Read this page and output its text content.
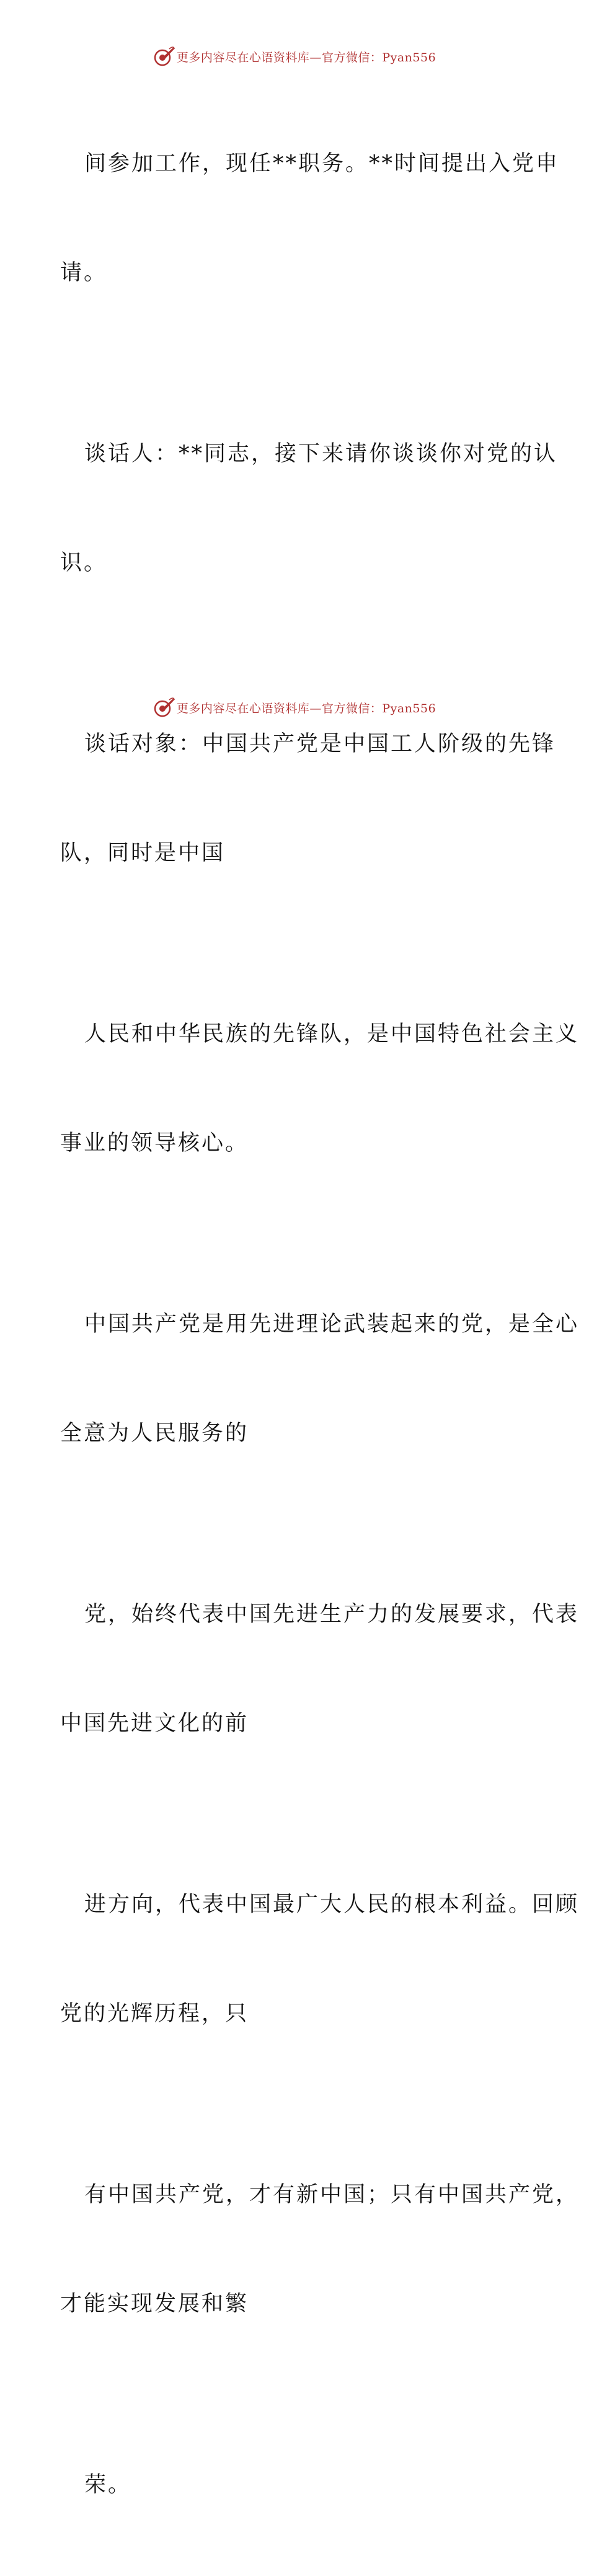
更多内容尽在心语资料库—官方微信：Pyan556

间参加工作，现任**职务。**时间提出入党申

请。

谈话人：**同志，接下来请你谈谈你对党的认

识。

谈话对象：中国共产党是中国工人阶级的先锋

队，同时是中国

人民和中华民族的先锋队，是中国特色社会主义

事业的领导核心。

中国共产党是用先进理论武装起来的党，是全心

全意为人民服务的

党，始终代表中国先进生产力的发展要求，代表

中国先进文化的前

进方向，代表中国最广大人民的根本利益。回顾

党的光辉历程，只

有中国共产党，才有新中国；只有中国共产党，

才能实现发展和繁

荣。

更多内容尽在心语资料库—官方微信：Pyan556
